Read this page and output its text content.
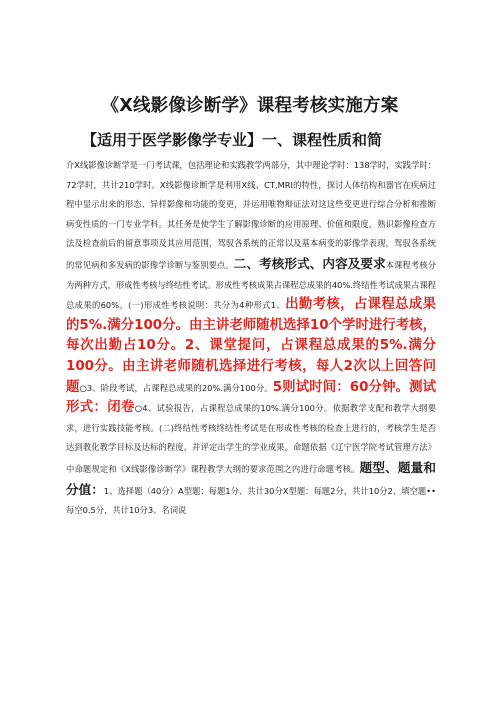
《X线影像诊断学》课程考核实施方案
【适用于医学影像学专业】一、课程性质和简
介X线影像诊断学是一门考试课，包括理论和实践教学两部分，其中理论学时：138学时，实践学时：72学时，共计210学时。X线影像诊断学是利用X线、CT,MRI的特性，探讨人体结构和器官在疾病过程中显示出来的形态、异样影像和功能的变更，并运用唯物辩证法对这这些变更进行综合分析和推断病变性质的一门专业学科。其任务是使学生了解影像诊断的应用原理、价值和限度，熟识影像检查方法及检查前后的留意事项及其应用范围，驾驭各系统的正常以及基本病变的影像学表现，驾驭各系统的常见病和多发病的影像学诊断与鉴别要点。二、考核形式、内容及要求本课程考核分为两种方式，形成性考核与终结性考试。形成性考核成果占课程总成果的40%.终结性考试成果占课程总成果的60%。(一)形成性考核说明：共分为4种形式1、出勤考核，占课程总成果的5%.满分100分。由主讲老师随机选择10个学时进行考核，每次出勤占10分。2、课堂提问，占课程总成果的5%.满分100分。由主讲老师随机选择进行考核，每人2次以上回答问题○3、阶段考试，占课程总成果的20%.满分100分。5则试时间：60分钟。测试形式：闭卷○4、试验报告，占课程总成果的10%.满分100分。依据教学支配和教学大纲要求，进行实践技能考核。(二)终结性考核终结性考试是在形成性考核的检查上进行的，考核学生是否达到教化教学目标及达标的程度，并评定出学生的学业成果。命题依据《辽宁医学院考试管理方法》中命题规定和《X线影像诊断学》课程教学大纲的要求范围之内进行命题考核。题型、题量和分值：1、选择题（40分）A型题：每题1分、共计30分X型题：每题2分，共计10分2、填空题••每空0.5分，共计10分3、名词说
